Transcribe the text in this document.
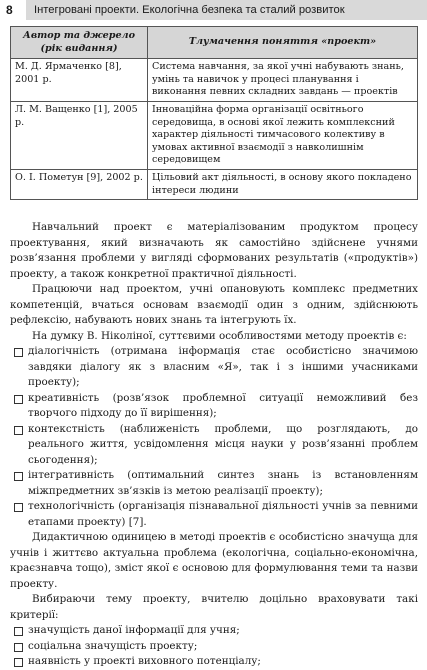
8	Інтегровані проекти. Екологічна безпека та сталий розвиток
Автор та джерело (рік видання)	Тлумачення поняття «проект»
М. Д. Ярмаченко [8], 2001 р.	Система навчання, за якої учні набувають знань, умінь та навичок у процесі планування і виконання певних складних завдань — проектів
Л. М. Ващенко [1], 2005 р.	Інноваційна форма організації освітнього середовища, в основі якої лежить комплексний характер діяльності тимчасового колективу в умовах активної взаємодії з навколишнім середовищем
О. І. Пометун [9], 2002 р.	Цільовий акт діяльності, в основу якого покладено інтереси людини

Навчальний проект є матеріалізованим продуктом процесу проектування, який визначають як самостійно здійснене учнями розв’язання проблеми у вигляді сформованих результатів («продуктів») проекту, а також конкретної практичної діяльності.

Працюючи над проектом, учні опановують комплекс предметних компетенцій, вчаться основам взаємодії один з одним, здійснюють рефлексію, набувають нових знань та інтегрують їх.

На думку В. Ніколіної, суттєвими особливостями методу проектів є:

діалогічність (отримана інформація стає особистісно значимою завдяки діалогу як з власним «Я», так і з іншими учасниками проекту);
креативність (розв’язок проблемної ситуації неможливий без творчого підходу до її вирішення);
контекстність (наближеність проблеми, що розглядають, до реального життя, усвідомлення місця науки у розв’язанні проблем сьогодення);
інтегративність (оптимальний синтез знань із встановленням міжпредметних зв’язків із метою реалізації проекту);
технологічність (організація пізнавальної діяльності учнів за певними етапами проекту) [7].

Дидактичною одиницею в методі проектів є особистісно значуща для учнів і життєво актуальна проблема (екологічна, соціально-економічна, краєзнавча тощо), зміст якої є основою для формулювання теми та назви проекту.

Вибираючи тему проекту, вчителю доцільно враховувати такі критерії:

значущість даної інформації для учня;
соціальна значущість проекту;
наявність у проекті виховного потенціалу;
